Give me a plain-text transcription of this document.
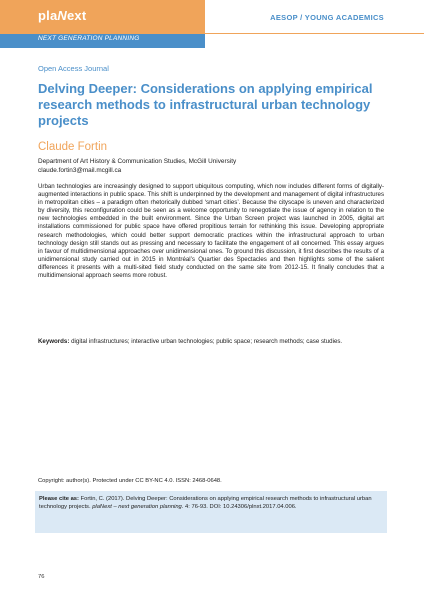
plaNext
NEXT GENERATION PLANNING
AESOP / YOUNG ACADEMICS
Open Access Journal
Delving Deeper: Considerations on applying empirical research methods to infrastructural urban technology projects
Claude Fortin
Department of Art History & Communication Studies, McGill University
claude.fortin3@mail.mcgill.ca
Urban technologies are increasingly designed to support ubiquitous computing, which now includes different forms of digitally-augmented interactions in public space. This shift is underpinned by the development and management of digital infrastructures in metropolitan cities – a paradigm often rhetorically dubbed ‘smart cities’. Because the cityscape is uneven and characterized by diversity, this reconfiguration could be seen as a welcome opportunity to renegotiate the issue of agency in relation to the new technologies embedded in the built environment. Since the Urban Screen project was launched in 2005, digital art installations commissioned for public space have offered propitious terrain for rethinking this issue. Developing appropriate research methodologies, which could better support democratic practices within the infrastructural approach to urban technology design still stands out as pressing and necessary to facilitate the engagement of all concerned. This essay argues in favour of multidimensional approaches over unidimensional ones. To ground this discussion, it first describes the results of a unidimensional study carried out in 2015 in Montréal’s Quartier des Spectacles and then highlights some of the salient differences it presents with a multi-sited field study conducted on the same site from 2012-15. It finally concludes that a multidimensional approach seems more robust.
Keywords: digital infrastructures; interactive urban technologies; public space; research methods; case studies.
Copyright: author(s). Protected under CC BY-NC 4.0. ISSN: 2468-0648.
Please cite as: Fortin, C. (2017). Delving Deeper: Considerations on applying empirical research methods to infrastructural urban technology projects. plaNext – next generation planning. 4: 76-93. DOI: 10.24306/plnxt.2017.04.006.
76
